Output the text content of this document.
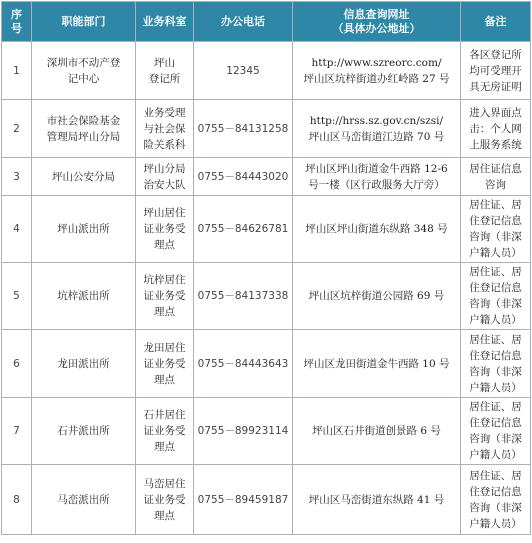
序
号	职能部门	业务科室	办公电话	信息查询网址
（具体办公地址）	备注
1	深圳市不动产登
记中心	坪山
登记所	12345	http://www.szreorc.com/
坪山区坑梓街道办红岭路 27 号	各区登记所
均可受理开
具无房证明

2	市社会保险基金
管理局坪山分局	业务受理
与社会保
险关系科	0755－84131258	http://hrss.sz.gov.cn/szsi/
坪山区马峦街道江边路 70 号	进入界面点
击：个人网
上服务系统

3	坪山公安分局	坪山分局
治安大队	0755－84443020	坪山区坪山街道金牛西路 12-6
号一楼（区行政服务大厅旁）	居住证信息
咨询

4	坪山派出所	坪山居住
证业务受
理点	0755－84626781	坪山区坪山街道东纵路 348 号	居住证、居
住登记信息
咨询（非深
户籍人员）

5	坑梓派出所	坑梓居住
证业务受
理点	0755－84137338	坪山区坑梓街道公园路 69 号	居住证、居
住登记信息
咨询（非深
户籍人员）

6	龙田派出所	龙田居住
证业务受
理点	0755－84443643	坪山区龙田街道金牛西路 10 号	居住证、居
住登记信息
咨询（非深
户籍人员）

7	石井派出所	石井居住
证业务受
理点	0755－89923114	坪山区石井街道创景路 6 号	居住证、居
住登记信息
咨询（非深
户籍人员）

8	马峦派出所	马峦居住
证业务受
理点	0755－89459187	坪山区马峦街道东纵路 41 号	居住证、居
住登记信息
咨询（非深
户籍人员）
